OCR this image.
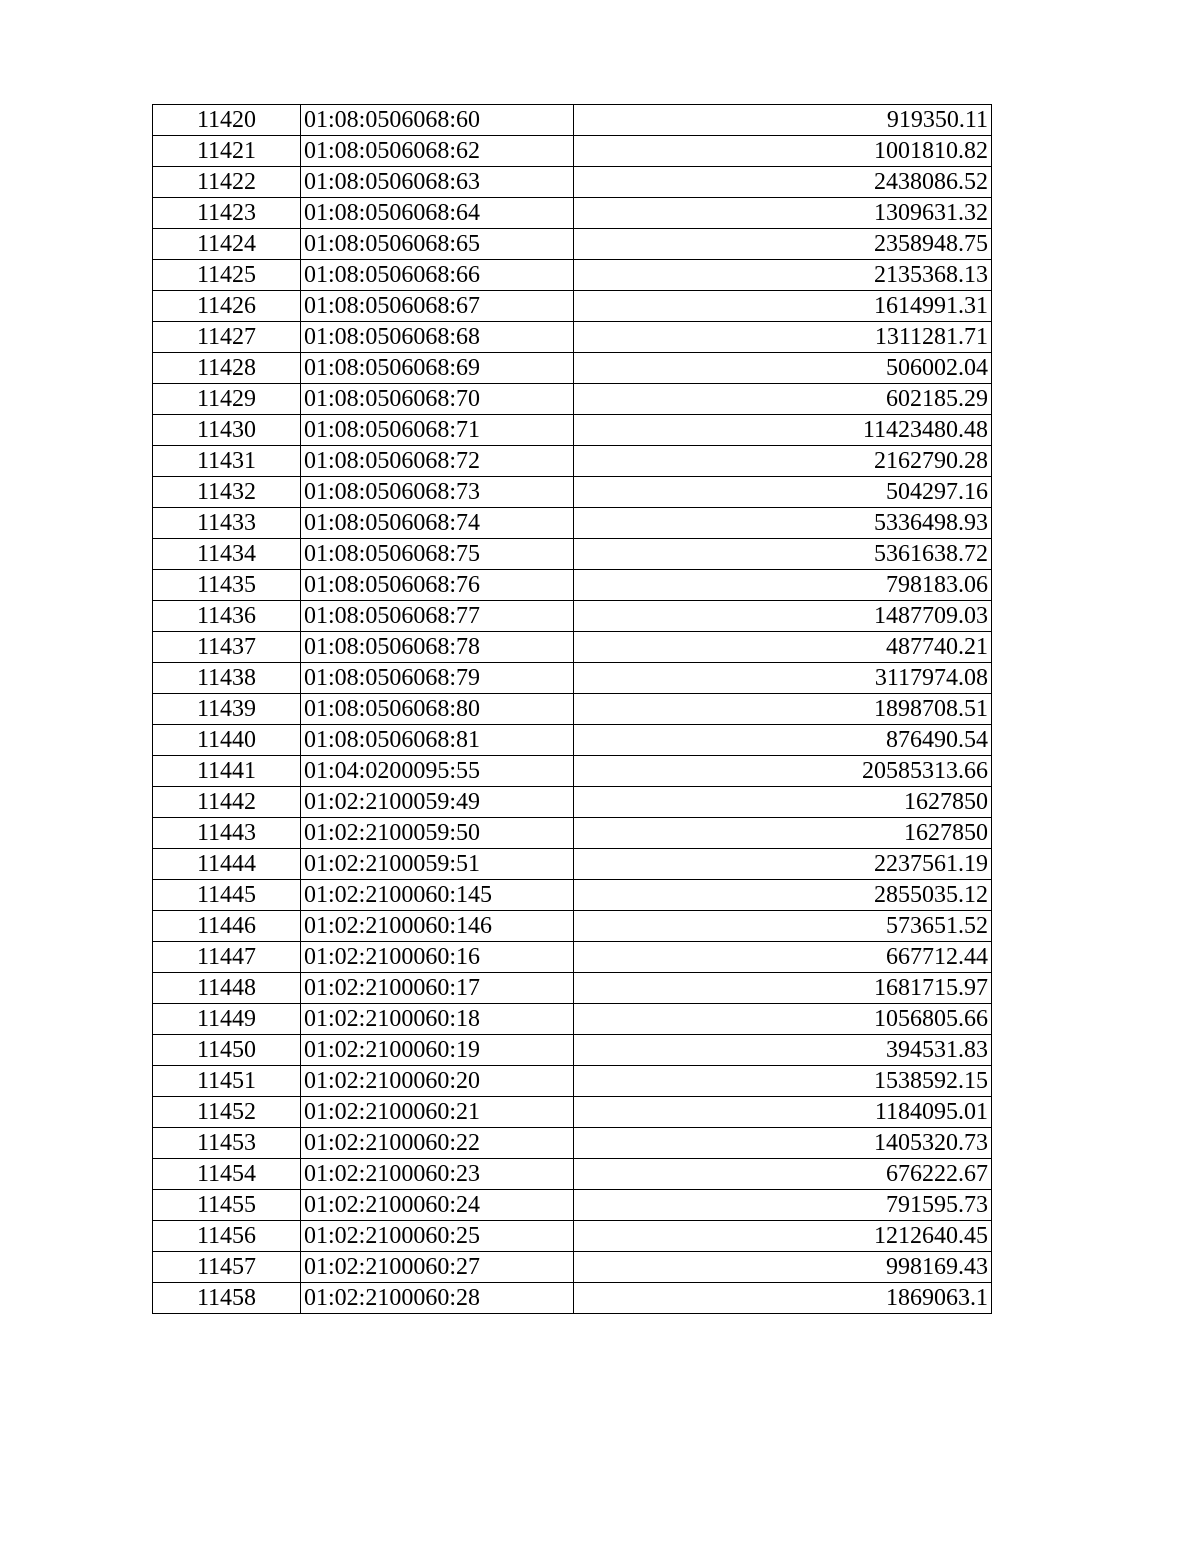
11420	01:08:0506068:60	919350.11
11421	01:08:0506068:62	1001810.82
11422	01:08:0506068:63	2438086.52
11423	01:08:0506068:64	1309631.32
11424	01:08:0506068:65	2358948.75
11425	01:08:0506068:66	2135368.13
11426	01:08:0506068:67	1614991.31
11427	01:08:0506068:68	1311281.71
11428	01:08:0506068:69	506002.04
11429	01:08:0506068:70	602185.29
11430	01:08:0506068:71	11423480.48
11431	01:08:0506068:72	2162790.28
11432	01:08:0506068:73	504297.16
11433	01:08:0506068:74	5336498.93
11434	01:08:0506068:75	5361638.72
11435	01:08:0506068:76	798183.06
11436	01:08:0506068:77	1487709.03
11437	01:08:0506068:78	487740.21
11438	01:08:0506068:79	3117974.08
11439	01:08:0506068:80	1898708.51
11440	01:08:0506068:81	876490.54
11441	01:04:0200095:55	20585313.66
11442	01:02:2100059:49	1627850
11443	01:02:2100059:50	1627850
11444	01:02:2100059:51	2237561.19
11445	01:02:2100060:145	2855035.12
11446	01:02:2100060:146	573651.52
11447	01:02:2100060:16	667712.44
11448	01:02:2100060:17	1681715.97
11449	01:02:2100060:18	1056805.66
11450	01:02:2100060:19	394531.83
11451	01:02:2100060:20	1538592.15
11452	01:02:2100060:21	1184095.01
11453	01:02:2100060:22	1405320.73
11454	01:02:2100060:23	676222.67
11455	01:02:2100060:24	791595.73
11456	01:02:2100060:25	1212640.45
11457	01:02:2100060:27	998169.43
11458	01:02:2100060:28	1869063.1
